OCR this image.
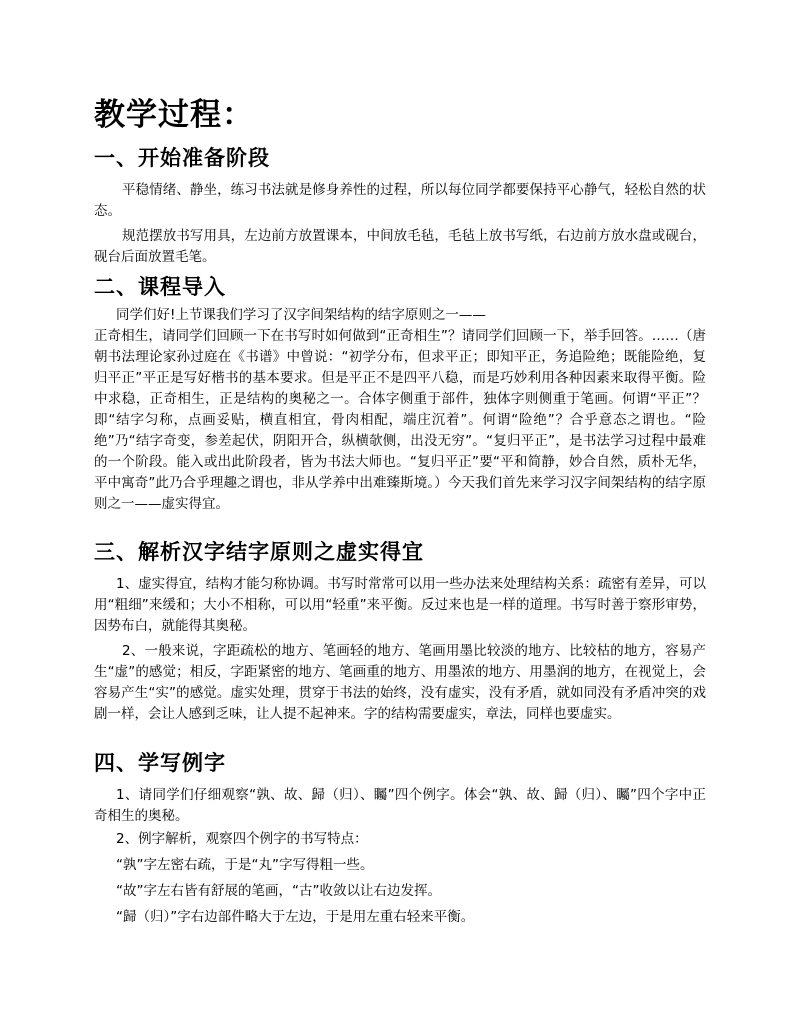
教学过程：
一、开始准备阶段

平稳情绪、静坐，练习书法就是修身养性的过程，所以每位同学都要保持平心静气，轻松自然的状态。

规范摆放书写用具，左边前方放置课本，中间放毛毡，毛毡上放书写纸，右边前方放水盘或砚台，砚台后面放置毛笔。

二、课程导入

同学们好!上节课我们学习了汉字间架结构的结字原则之一——

正奇相生，请同学们回顾一下在书写时如何做到“正奇相生”？请同学们回顾一下，举手回答。……（唐朝书法理论家孙过庭在《书谱》中曾说：“初学分布，但求平正；即知平正，务追险绝；既能险绝，复归平正”平正是写好楷书的基本要求。但是平正不是四平八稳，而是巧妙利用各种因素来取得平衡。险中求稳，正奇相生，正是结构的奥秘之一。合体字侧重于部件，独体字则侧重于笔画。何谓“平正”？即“结字匀称，点画妥贴，横直相宜，骨肉相配，端庄沉着”。何谓“险绝”？合乎意态之谓也。“险绝”乃“结字奇变，参差起伏，阴阳开合，纵横欹侧，出没无穷”。“复归平正”，是书法学习过程中最难的一个阶段。能入或出此阶段者，皆为书法大师也。“复归平正”要“平和简静，妙合自然，质朴无华，平中寓奇”此乃合乎理趣之谓也，非从学养中出难臻斯境。）今天我们首先来学习汉字间架结构的结字原则之一——虚实得宜。

三、解析汉字结字原则之虚实得宜

1、虚实得宜，结构才能匀称协调。书写时常常可以用一些办法来处理结构关系：疏密有差异，可以用“粗细”来缓和；大小不相称，可以用“轻重”来平衡。反过来也是一样的道理。书写时善于察形审势，因势布白，就能得其奥秘。

2、一般来说，字距疏松的地方、笔画轻的地方、笔画用墨比较淡的地方、比较枯的地方，容易产生“虚”的感觉；相反，字距紧密的地方、笔画重的地方、用墨浓的地方、用墨润的地方，在视觉上，会容易产生“实”的感觉。虚实处理，贯穿于书法的始终，没有虚实，没有矛盾，就如同没有矛盾冲突的戏剧一样，会让人感到乏味，让人提不起神来。字的结构需要虚实，章法，同样也要虚实。

四、学写例字

1、请同学们仔细观察“孰、故、歸（归）、矚”四个例字。体会“孰、故、歸（归）、矚”四个字中正奇相生的奥秘。

2、例字解析，观察四个例字的书写特点：

“孰”字左密右疏，于是“丸”字写得粗一些。

“故”字左右皆有舒展的笔画，“古”收敛以让右边发挥。

“歸（归）”字右边部件略大于左边，于是用左重右轻来平衡。
